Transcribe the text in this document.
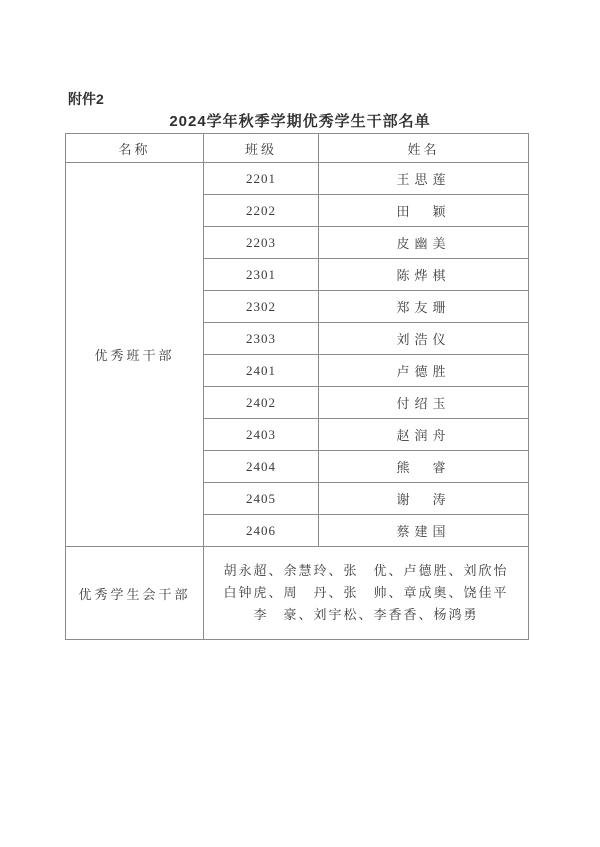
附件2
2024学年秋季学期优秀学生干部名单
名称	班级	姓名
优秀班干部	2201	王思莲
	2202	田　颖
	2203	皮幽美
	2301	陈烨棋
	2302	郑友珊
	2303	刘浩仪
	2401	卢德胜
	2402	付绍玉
	2403	赵润舟
	2404	熊　睿
	2405	谢　涛
	2406	蔡建国
优秀学生会干部	胡永超、余慧玲、张　优、卢德胜、刘欣怡
白钟虎、周　丹、张　帅、章成奥、饶佳平
李　豪、刘宇松、李香香、杨鸿勇	
